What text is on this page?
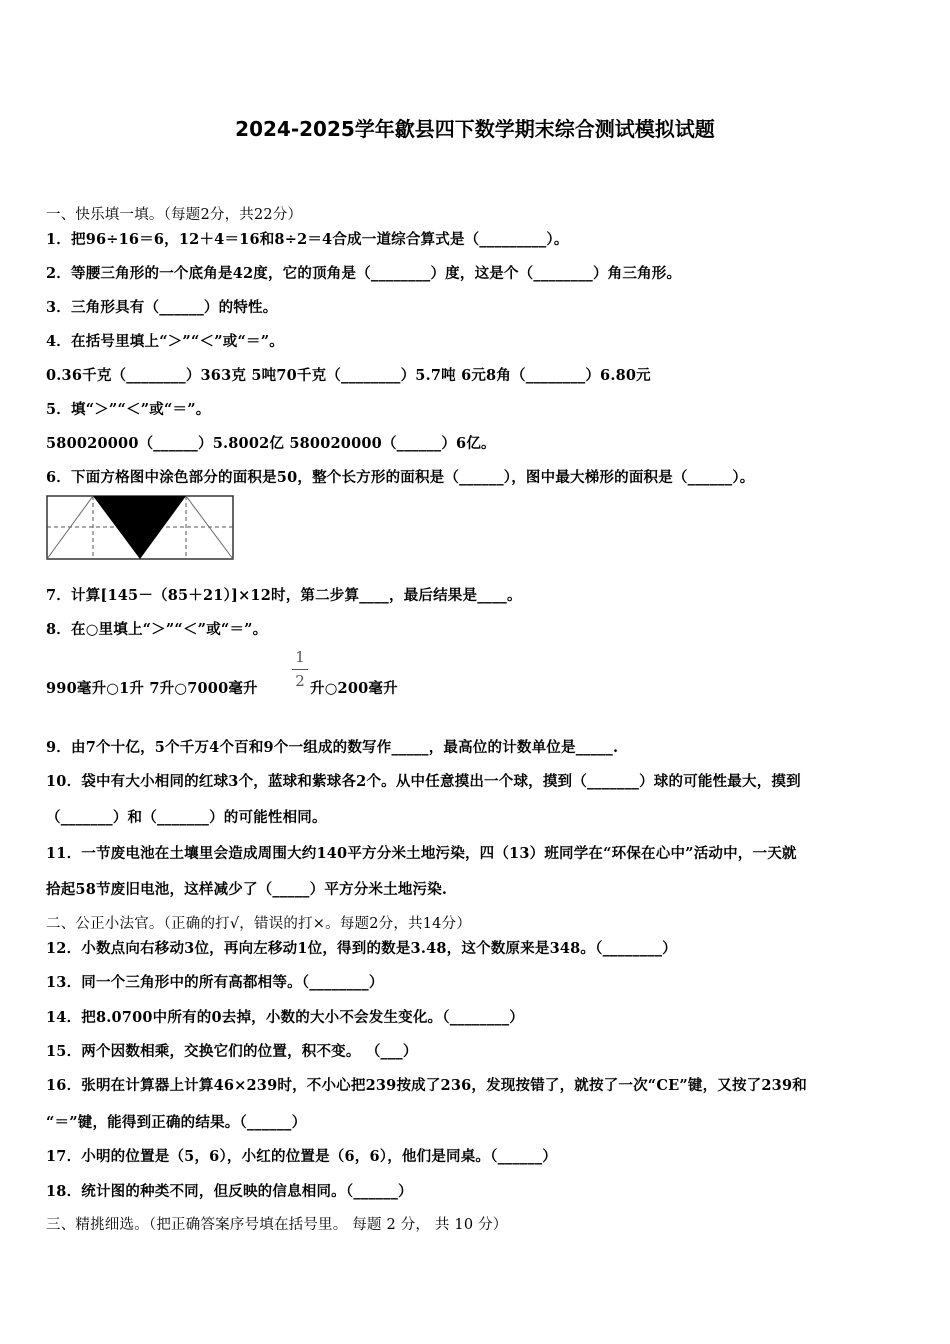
2024-2025学年歙县四下数学期末综合测试模拟试题
一、快乐填一填。（每题2分，共22分）
1．把96÷16＝6，12＋4＝16和8÷2＝4合成一道综合算式是（_________）。
2．等腰三角形的一个底角是42度，它的顶角是（________）度，这是个（________）角三角形。
3．三角形具有（______）的特性。
4．在括号里填上“＞”“＜”或“＝”。
0.36千克（________）363克 5吨70千克（________）5.7吨 6元8角（________）6.80元
5．填“＞”“＜”或“＝”。
580020000（______）5.8002亿 580020000（______）6亿。
6．下面方格图中涂色部分的面积是50，整个长方形的面积是（______），图中最大梯形的面积是（______）。
7．计算[145－（85＋21）]×12时，第二步算____，最后结果是____。
8．在○里填上“＞”“＜”或“＝”。
990毫升○1升 7升○7000毫升
1
2 升○200毫升
9．由7个十亿，5个千万4个百和9个一组成的数写作_____，最高位的计数单位是_____.
10．袋中有大小相同的红球3个，蓝球和紫球各2个。从中任意摸出一个球，摸到（_______）球的可能性最大，摸到
（_______）和（_______）的可能性相同。
11．一节废电池在土壤里会造成周围大约140平方分米土地污染，四（13）班同学在“环保在心中”活动中，一天就
拾起58节废旧电池，这样减少了（_____）平方分米土地污染.
二、公正小法官。（正确的打√，错误的打×。每题2分，共14分）
12．小数点向右移动3位，再向左移动1位，得到的数是3.48，这个数原来是348。（________）
13．同一个三角形中的所有高都相等。（________）
14．把8.0700中所有的0去掉，小数的大小不会发生变化。（________）
15．两个因数相乘，交换它们的位置，积不变。 （___）
16．张明在计算器上计算46×239时，不小心把239按成了236，发现按错了，就按了一次“CE”键，又按了239和
“＝”键，能得到正确的结果。（______）
17．小明的位置是（5，6），小红的位置是（6，6），他们是同桌。（______）
18．统计图的种类不同，但反映的信息相同。（______）
三、精挑细选。（把正确答案序号填在括号里。 每题 2 分， 共 10 分）
